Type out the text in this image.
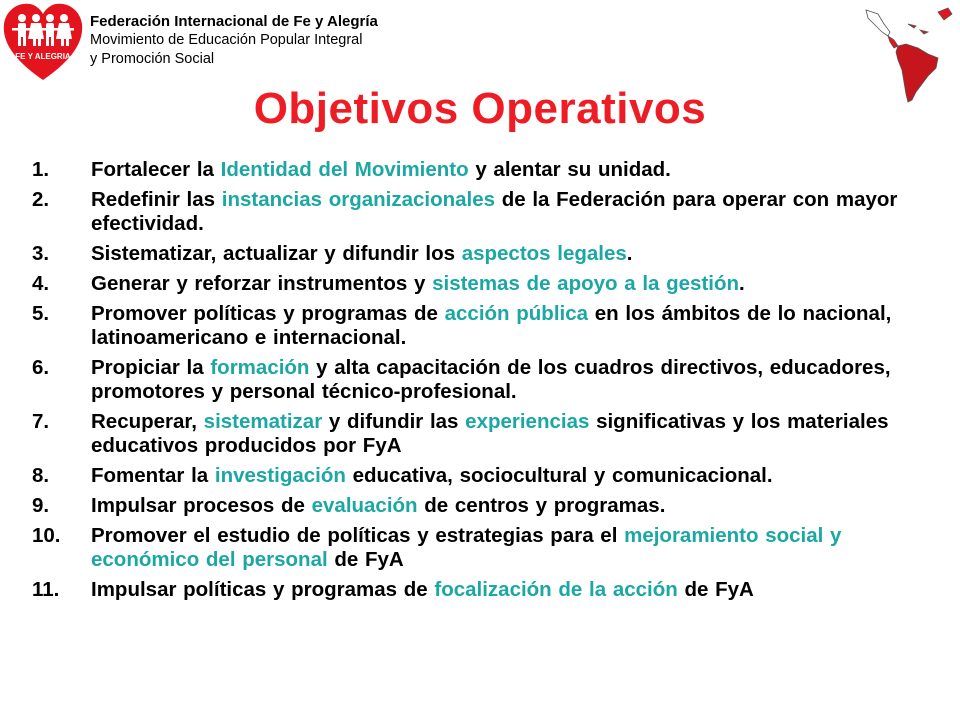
FE Y ALEGRIA
Federación Internacional de Fe y Alegría
Movimiento de Educación Popular Integral
y Promoción Social
Objetivos Operativos
1.	Fortalecer la Identidad del Movimiento y alentar su unidad.
2.	Redefinir las instancias organizacionales de la Federación para operar con mayor efectividad.
3.	Sistematizar, actualizar y difundir los aspectos legales.
4.	Generar y reforzar instrumentos y sistemas de apoyo a la gestión.
5.	Promover políticas y programas de acción pública en los ámbitos de lo nacional, latinoamericano e internacional.
6.	Propiciar la formación y alta capacitación de los cuadros directivos, educadores, promotores y personal técnico-profesional.
7.	Recuperar, sistematizar y difundir las experiencias significativas y los materiales educativos producidos por FyA
8.	Fomentar la investigación educativa, sociocultural y comunicacional.
9.	Impulsar procesos de evaluación de centros y programas.
10.	Promover el estudio de políticas y estrategias para el mejoramiento social y económico del personal de FyA
11.	Impulsar políticas y programas de focalización de la acción de FyA
